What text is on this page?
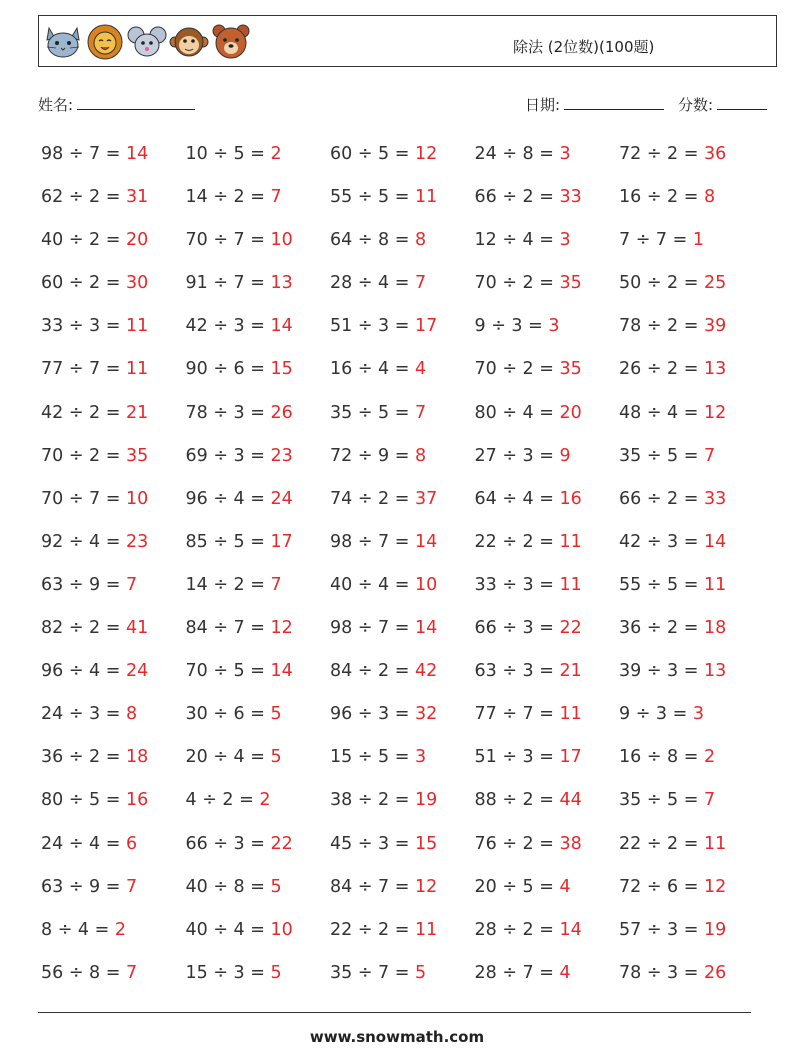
除法 (2位数)(100题)
姓名:	日期:	分数:
98 ÷ 7 = 14	10 ÷ 5 = 2	60 ÷ 5 = 12	24 ÷ 8 = 3	72 ÷ 2 = 36
62 ÷ 2 = 31	14 ÷ 2 = 7	55 ÷ 5 = 11	66 ÷ 2 = 33	16 ÷ 2 = 8
40 ÷ 2 = 20	70 ÷ 7 = 10	64 ÷ 8 = 8	12 ÷ 4 = 3	7 ÷ 7 = 1
60 ÷ 2 = 30	91 ÷ 7 = 13	28 ÷ 4 = 7	70 ÷ 2 = 35	50 ÷ 2 = 25
33 ÷ 3 = 11	42 ÷ 3 = 14	51 ÷ 3 = 17	9 ÷ 3 = 3	78 ÷ 2 = 39
77 ÷ 7 = 11	90 ÷ 6 = 15	16 ÷ 4 = 4	70 ÷ 2 = 35	26 ÷ 2 = 13
42 ÷ 2 = 21	78 ÷ 3 = 26	35 ÷ 5 = 7	80 ÷ 4 = 20	48 ÷ 4 = 12
70 ÷ 2 = 35	69 ÷ 3 = 23	72 ÷ 9 = 8	27 ÷ 3 = 9	35 ÷ 5 = 7
70 ÷ 7 = 10	96 ÷ 4 = 24	74 ÷ 2 = 37	64 ÷ 4 = 16	66 ÷ 2 = 33
92 ÷ 4 = 23	85 ÷ 5 = 17	98 ÷ 7 = 14	22 ÷ 2 = 11	42 ÷ 3 = 14
63 ÷ 9 = 7	14 ÷ 2 = 7	40 ÷ 4 = 10	33 ÷ 3 = 11	55 ÷ 5 = 11
82 ÷ 2 = 41	84 ÷ 7 = 12	98 ÷ 7 = 14	66 ÷ 3 = 22	36 ÷ 2 = 18
96 ÷ 4 = 24	70 ÷ 5 = 14	84 ÷ 2 = 42	63 ÷ 3 = 21	39 ÷ 3 = 13
24 ÷ 3 = 8	30 ÷ 6 = 5	96 ÷ 3 = 32	77 ÷ 7 = 11	9 ÷ 3 = 3
36 ÷ 2 = 18	20 ÷ 4 = 5	15 ÷ 5 = 3	51 ÷ 3 = 17	16 ÷ 8 = 2
80 ÷ 5 = 16	4 ÷ 2 = 2	38 ÷ 2 = 19	88 ÷ 2 = 44	35 ÷ 5 = 7
24 ÷ 4 = 6	66 ÷ 3 = 22	45 ÷ 3 = 15	76 ÷ 2 = 38	22 ÷ 2 = 11
63 ÷ 9 = 7	40 ÷ 8 = 5	84 ÷ 7 = 12	20 ÷ 5 = 4	72 ÷ 6 = 12
8 ÷ 4 = 2	40 ÷ 4 = 10	22 ÷ 2 = 11	28 ÷ 2 = 14	57 ÷ 3 = 19
56 ÷ 8 = 7	15 ÷ 3 = 5	35 ÷ 7 = 5	28 ÷ 7 = 4	78 ÷ 3 = 26
www.snowmath.com
